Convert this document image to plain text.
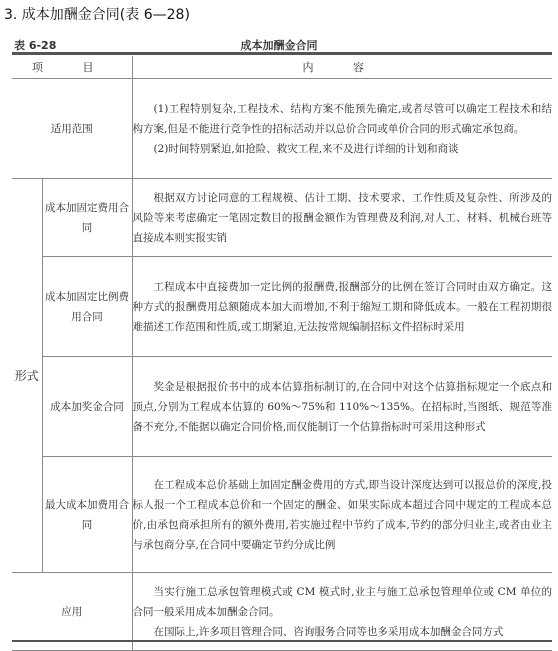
3. 成本加酬金合同(表 6—28)
表 6-28	成本加酬金合同
项 目		内 容
适用范围		(1)工程特别复杂,工程技术、结构方案不能预先确定,或者尽管可以确定工程技术和结构方案,但是不能进行竞争性的招标活动并以总价合同或单价合同的形式确定承包商。

(2)时间特别紧迫,如抢险、救灾工程,来不及进行详细的计划和商谈

形式	成本加固定费用合同	根据双方讨论同意的工程规模、估计工期、技术要求、工作性质及复杂性、所涉及的风险等来考虑确定一笔固定数目的报酬金额作为管理费及利润,对人工、材料、机械台班等直接成本则实报实销

	成本加固定比例费用合同	工程成本中直接费加一定比例的报酬费,报酬部分的比例在签订合同时由双方确定。这种方式的报酬费用总额随成本加大而增加,不利于缩短工期和降低成本。一般在工程初期很难描述工作范围和性质,或工期紧迫,无法按常规编制招标文件招标时采用

	成本加奖金合同	奖金是根据报价书中的成本估算指标制订的,在合同中对这个估算指标规定一个底点和顶点,分别为工程成本估算的 60%～75%和 110%～135%。在招标时,当图纸、规范等准备不充分,不能据以确定合同价格,而仅能制订一个估算指标时可采用这种形式

	最大成本加费用合同	在工程成本总价基础上加固定酬金费用的方式,即当设计深度达到可以报总价的深度,投标人报一个工程成本总价和一个固定的酬金、如果实际成本超过合同中规定的工程成本总价,由承包商承担所有的额外费用,若实施过程中节约了成本,节约的部分归业主,或者由业主与承包商分享,在合同中要确定节约分成比例

应用		当实行施工总承包管理模式或 CM 模式时,业主与施工总承包管理单位或 CM 单位的合同一般采用成本加酬金合同。

在国际上,许多项目管理合同、咨询服务合同等也多采用成本加酬金合同方式
